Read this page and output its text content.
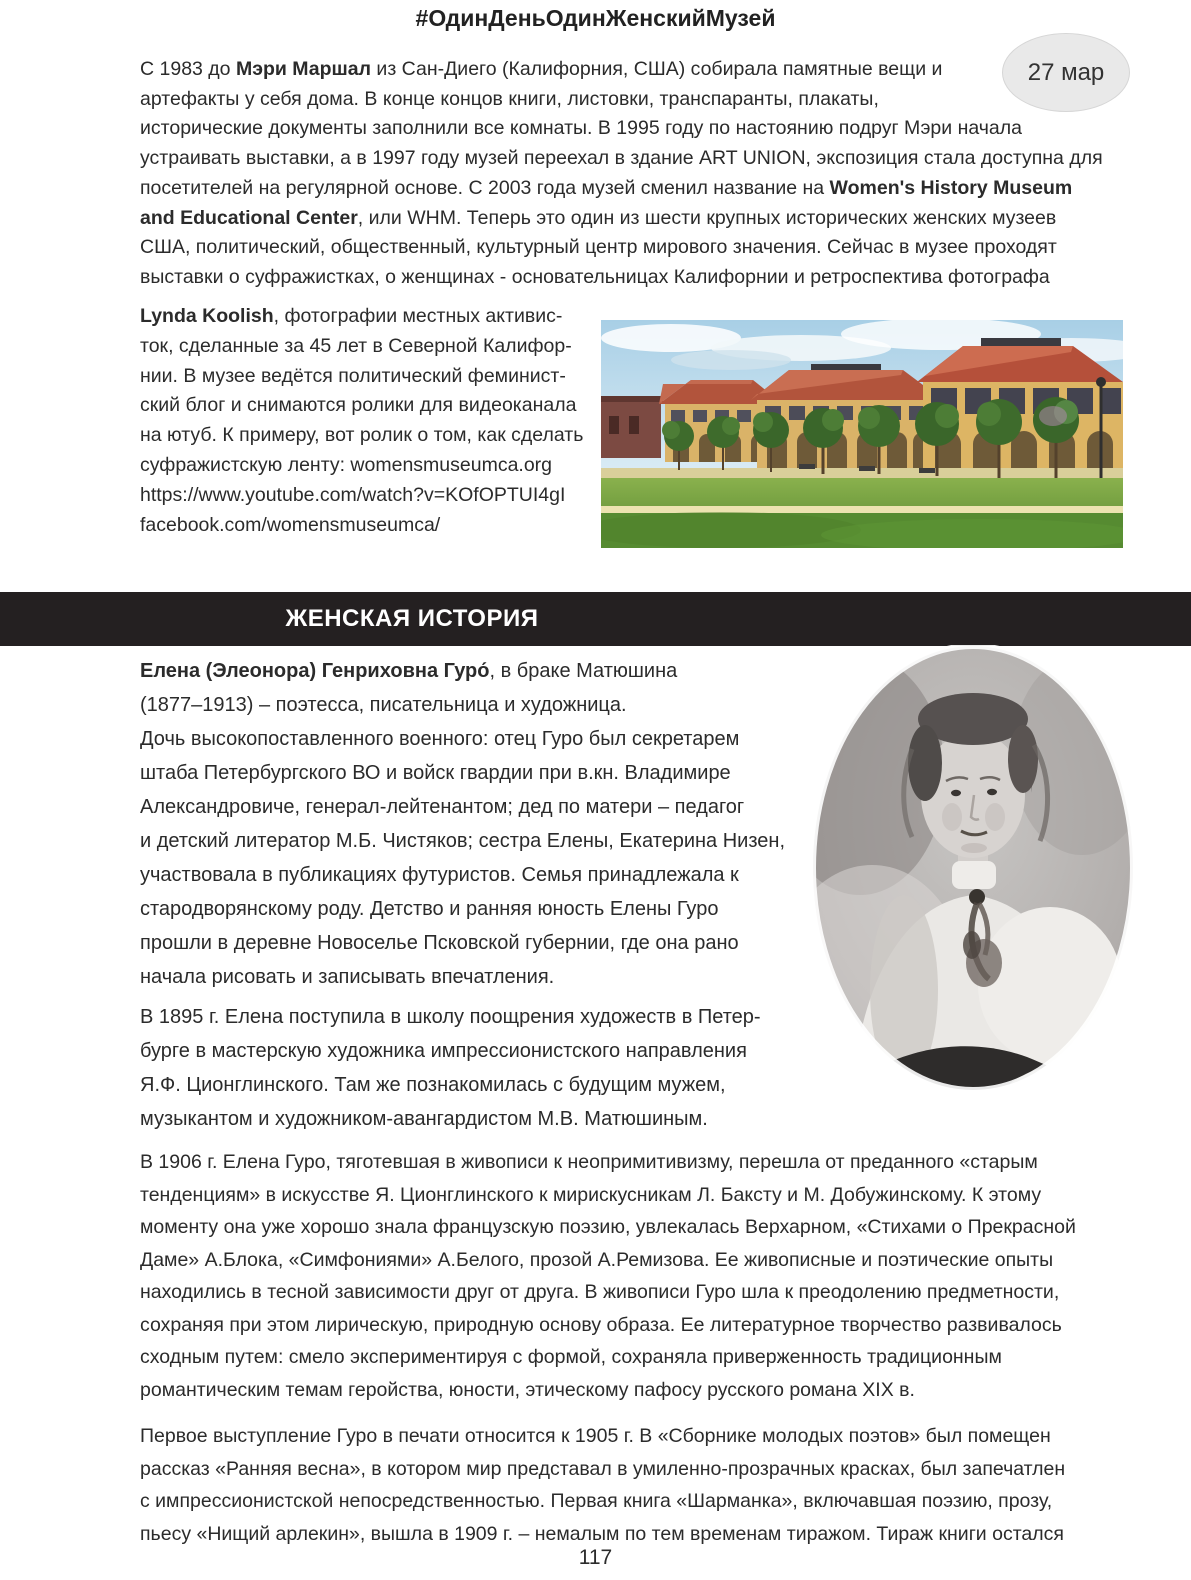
#ОдинДеньОдинЖенскийМузей
27 мар
С 1983 до Мэри Маршал из Сан-Диего (Калифорния, США) собирала памятные вещи и
артефакты у себя дома. В конце концов книги, листовки, транспаранты, плакаты,
исторические документы заполнили все комнаты. В 1995 году по настоянию подруг Мэри начала
устраивать выставки, а в 1997 году музей переехал в здание ART UNION, экспозиция стала доступна для
посетителей на регулярной основе. С 2003 года музей сменил название на Women's History Museum
and Educational Center, или WHM. Теперь это один из шести крупных исторических женских музеев
США, политический, общественный, культурный центр мирового значения. Сейчас в музее проходят
выставки о суфражистках, о женщинах - основательницах Калифорнии и ретроспектива фотографа
Lynda Koolish, фотографии местных активис-
ток, сделанные за 45 лет в Северной Калифор-
нии. В музее ведётся политический феминист-
ский блог и снимаются ролики для видеоканала
на ютуб. К примеру, вот ролик о том, как сделать
суфражистскую ленту: womensmuseumca.org
https://www.youtube.com/watch?v=KOfOPTUI4gI
facebook.com/womensmuseumca/
ЖЕНСКАЯ ИСТОРИЯ
Елена (Элеонора) Генриховна Гуро́, в браке Матюшина
(1877–1913) – поэтесса, писательница и художница.
Дочь высокопоставленного военного: отец Гуро был секретарем
штаба Петербургского ВО и войск гвардии при в.кн. Владимире
Александровиче, генерал-лейтенантом; дед по матери – педагог
и детский литератор М.Б. Чистяков; сестра Елены, Екатерина Низен,
участвовала в публикациях футуристов. Семья принадлежала к
стародворянскому роду. Детство и ранняя юность Елены Гуро
прошли в деревне Новоселье Псковской губернии, где она рано
начала рисовать и записывать впечатления.
В 1895 г. Елена поступила в школу поощрения художеств в Петер-
бурге в мастерскую художника импрессионистского направления
Я.Ф. Ционглинского. Там же познакомилась с будущим мужем,
музыкантом и художником-авангардистом М.В. Матюшиным.
В 1906 г. Елена Гуро, тяготевшая в живописи к неопримитивизму, перешла от преданного «старым
тенденциям» в искусстве Я. Ционглинского к мирискусникам Л. Баксту и М. Добужинскому. К этому
моменту она уже хорошо знала французскую поэзию, увлекалась Верхарном, «Стихами о Прекрасной
Даме» А.Блока, «Симфониями» А.Белого, прозой А.Ремизова. Ее живописные и поэтические опыты
находились в тесной зависимости друг от друга. В живописи Гуро шла к преодолению предметности,
сохраняя при этом лирическую, природную основу образа. Ее литературное творчество развивалось
сходным путем: смело экспериментируя с формой, сохраняла приверженность традиционным
романтическим темам геройства, юности, этическому пафосу русского романа XIX в.
Первое выступление Гуро в печати относится к 1905 г. В «Сборнике молодых поэтов» был помещен
рассказ «Ранняя весна», в котором мир представал в умиленно-прозрачных красках, был запечатлен
с импрессионистской непосредственностью. Первая книга «Шарманка», включавшая поэзию, прозу,
пьесу «Нищий арлекин», вышла в 1909 г. – немалым по тем временам тиражом. Тираж книги остался
117
